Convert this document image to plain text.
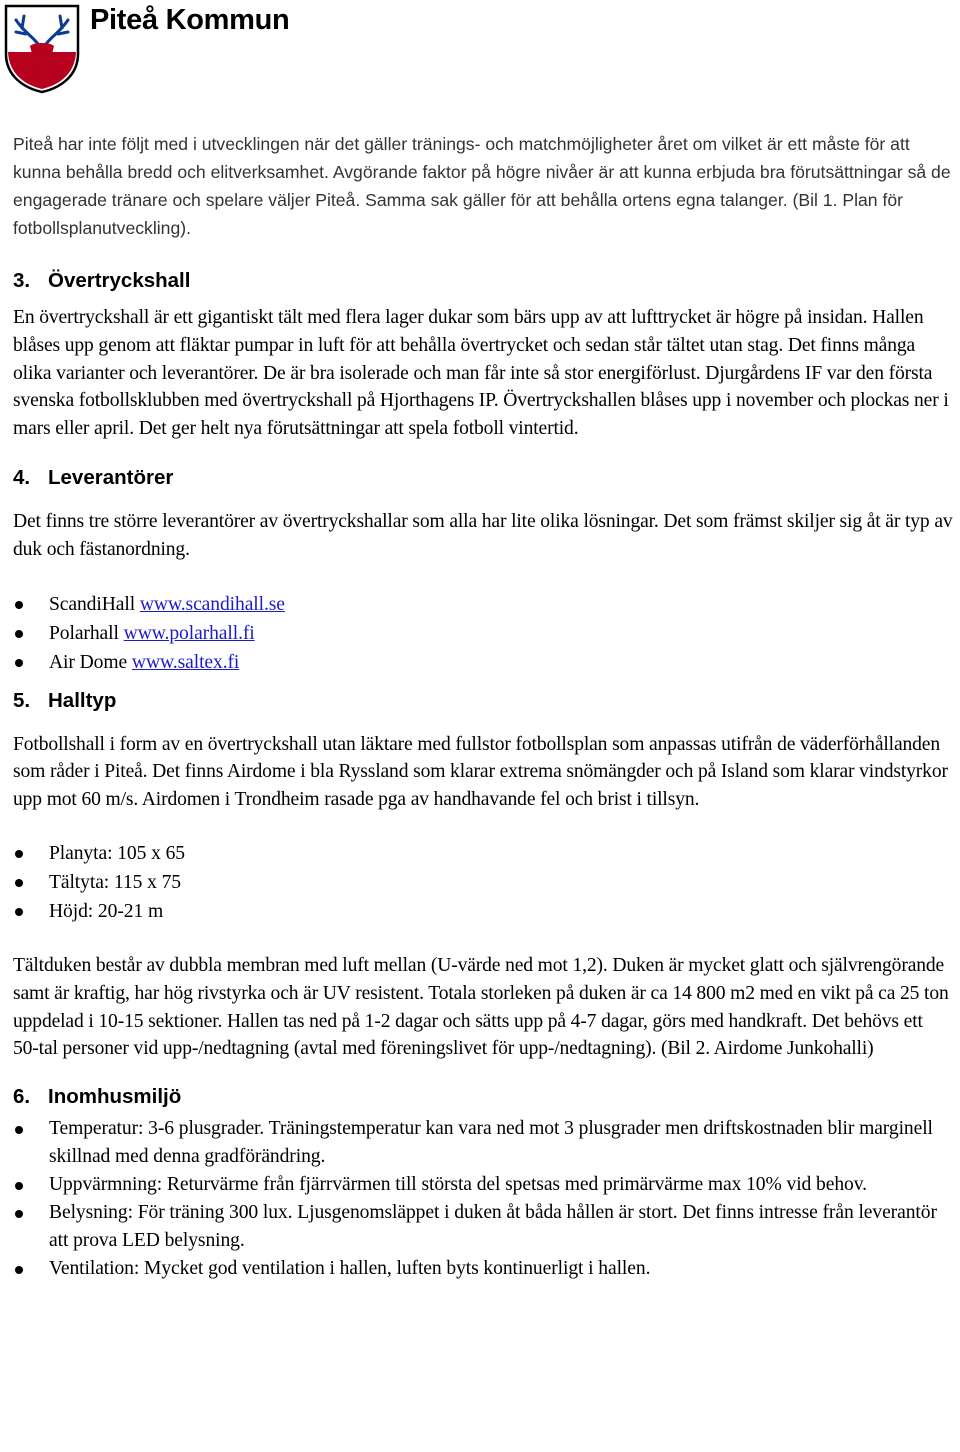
Piteå Kommun

Piteå har inte följt med i utvecklingen när det gäller tränings- och matchmöjligheter året om vilket är ett måste för att kunna behålla bredd och elitverksamhet. Avgörande faktor på högre nivåer är att kunna erbjuda bra förutsättningar så de engagerade tränare och spelare väljer Piteå. Samma sak gäller för att behålla ortens egna talanger. (Bil 1. Plan för fotbollsplanutveckling).

3. Övertryckshall

En övertryckshall är ett gigantiskt tält med flera lager dukar som bärs upp av att lufttrycket är högre på insidan. Hallen blåses upp genom att fläktar pumpar in luft för att behålla övertrycket och sedan står tältet utan stag. Det finns många olika varianter och leverantörer. De är bra isolerade och man får inte så stor energiförlust. Djurgårdens IF var den första svenska fotbollsklubben med övertryckshall på Hjorthagens IP. Övertryckshallen blåses upp i november och plockas ner i mars eller april. Det ger helt nya förutsättningar att spela fotboll vintertid.

4. Leverantörer

Det finns tre större leverantörer av övertryckshallar som alla har lite olika lösningar. Det som främst skiljer sig åt är typ av duk och fästanordning.

ScandiHall www.scandihall.se
Polarhall www.polarhall.fi
Air Dome www.saltex.fi
5. Halltyp

Fotbollshall i form av en övertryckshall utan läktare med fullstor fotbollsplan som anpassas utifrån de väderförhållanden som råder i Piteå. Det finns Airdome i bla Ryssland som klarar extrema snömängder och på Island som klarar vindstyrkor upp mot 60 m/s. Airdomen i Trondheim rasade pga av handhavande fel och brist i tillsyn.

Planyta: 105 x 65
Tältyta: 115 x 75
Höjd: 20-21 m

Tältduken består av dubbla membran med luft mellan (U-värde ned mot 1,2). Duken är mycket glatt och självrengörande samt är kraftig, har hög rivstyrka och är UV resistent. Totala storleken på duken är ca 14 800 m2 med en vikt på ca 25 ton uppdelad i 10-15 sektioner. Hallen tas ned på 1-2 dagar och sätts upp på 4-7 dagar, görs med handkraft. Det behövs ett 50-tal personer vid upp-/nedtagning (avtal med föreningslivet för upp-/nedtagning). (Bil 2. Airdome Junkohalli)

6. Inomhusmiljö
Temperatur: 3-6 plusgrader. Träningstemperatur kan vara ned mot 3 plusgrader men driftskostnaden blir marginell skillnad med denna gradförändring.
Uppvärmning: Returvärme från fjärrvärmen till största del spetsas med primärvärme max 10% vid behov.
Belysning: För träning 300 lux. Ljusgenomsläppet i duken åt båda hållen är stort. Det finns intresse från leverantör att prova LED belysning.
Ventilation: Mycket god ventilation i hallen, luften byts kontinuerligt i hallen.
